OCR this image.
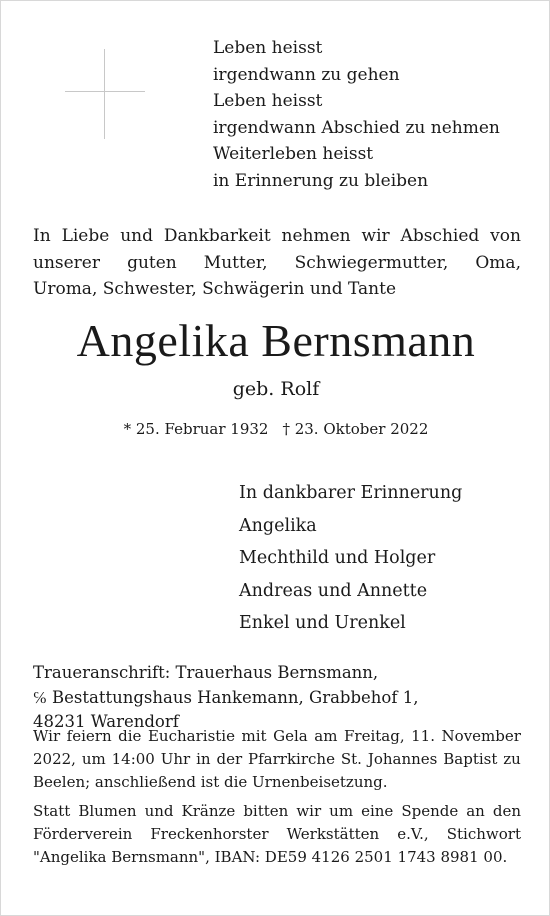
Leben heisst
irgendwann zu gehen
Leben heisst
irgendwann Abschied zu nehmen
Weiterleben heisst
in Erinnerung zu bleiben
In Liebe und Dankbarkeit nehmen wir Abschied von
unserer guten Mutter, Schwiegermutter, Oma,
Uroma, Schwester, Schwägerin und Tante
Angelika Bernsmann
geb. Rolf
* 25. Februar 1932 † 23. Oktober 2022
In dankbarer Erinnerung
Angelika
Mechthild und Holger
Andreas und Annette
Enkel und Urenkel
Traueranschrift: Trauerhaus Bernsmann,
℅ Bestattungshaus Hankemann, Grabbehof 1,
48231 Warendorf
Wir feiern die Eucharistie mit Gela am Freitag, 11. November
2022, um 14:00 Uhr in der Pfarrkirche St. Johannes Baptist zu
Beelen; anschließend ist die Urnenbeisetzung.
Statt Blumen und Kränze bitten wir um eine Spende an den
Förderverein Freckenhorster Werkstätten e.V., Stichwort
"Angelika Bernsmann", IBAN: DE59 4126 2501 1743 8981 00.
